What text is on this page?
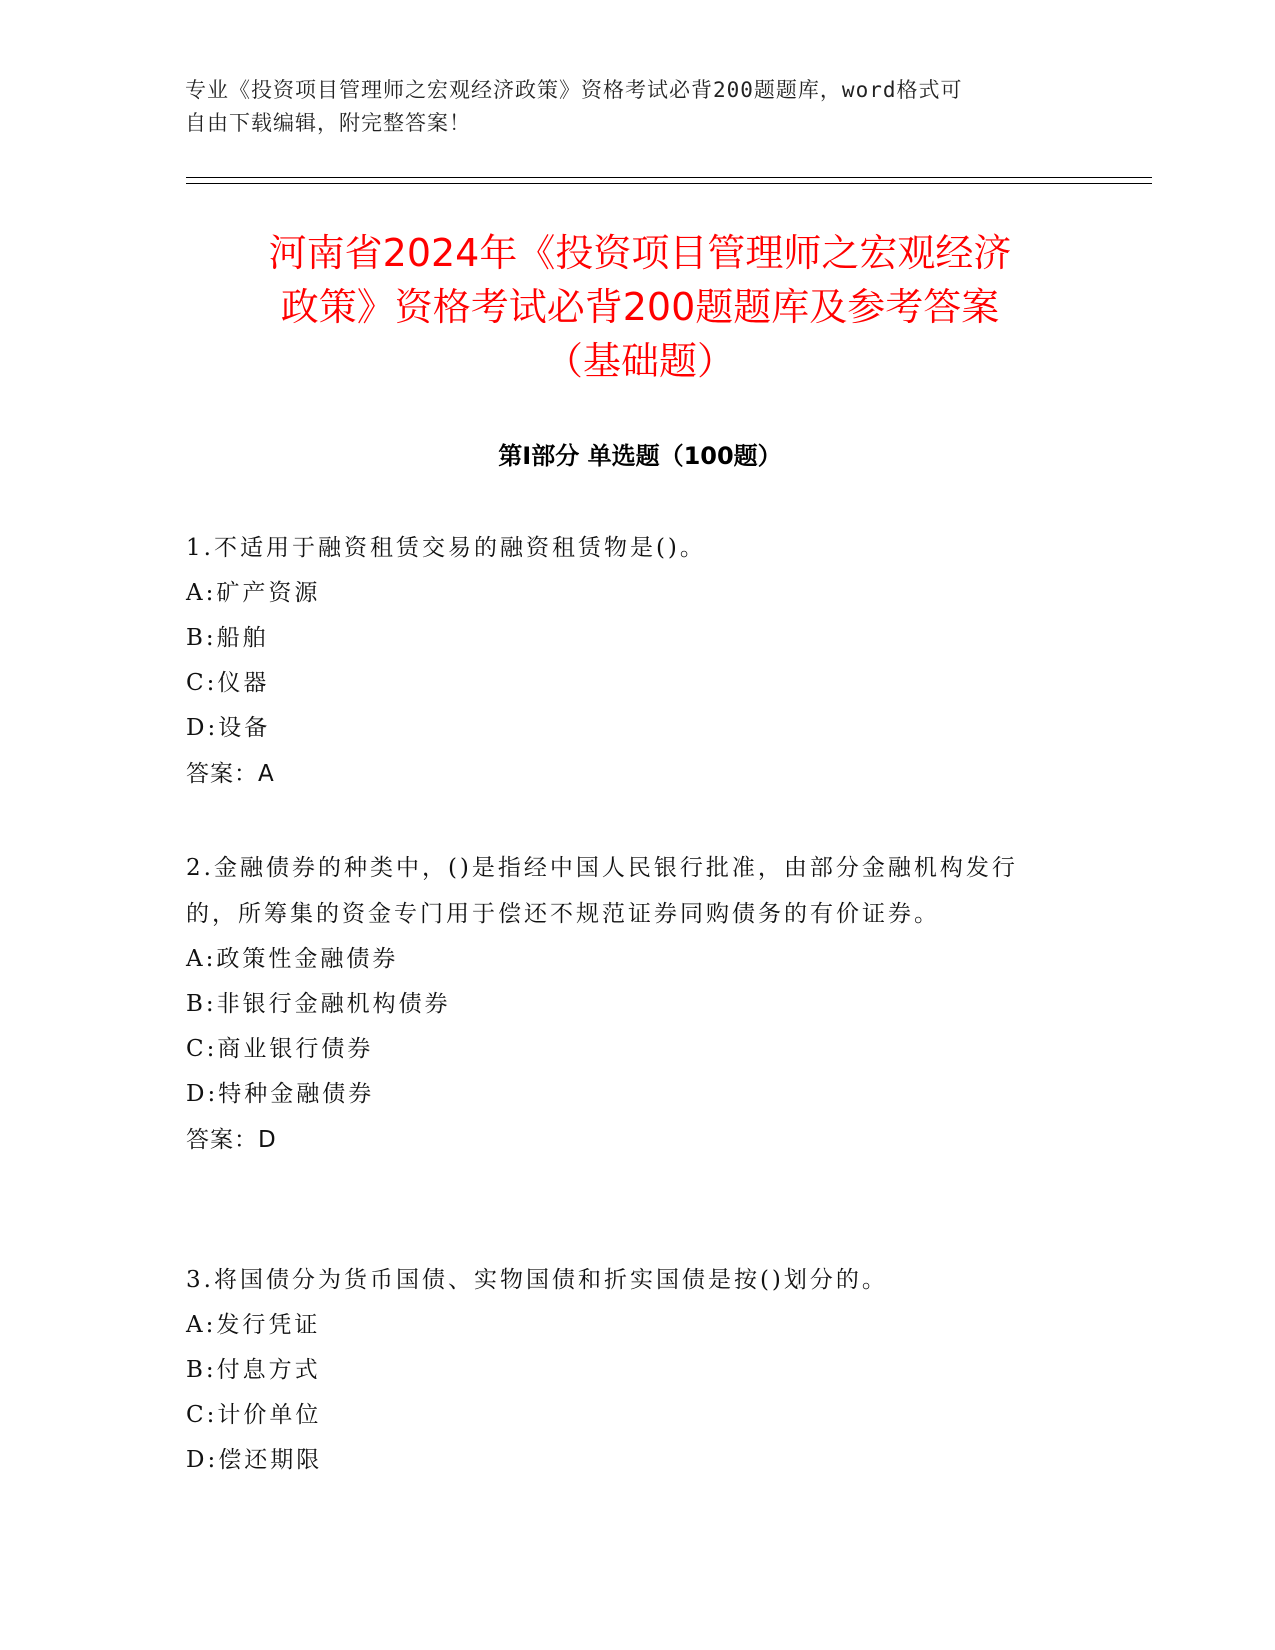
专业《投资项目管理师之宏观经济政策》资格考试必背200题题库，word格式可
自由下载编辑，附完整答案！
河南省2024年《投资项目管理师之宏观经济
政策》资格考试必背200题题库及参考答案
（基础题）
第Ⅰ部分 单选题（100题）
1.不适用于融资租赁交易的融资租赁物是()。
A:矿产资源
B:船舶
C:仪器
D:设备
答案：A
2.金融债券的种类中，()是指经中国人民银行批准，由部分金融机构发行的，所筹集的资金专门用于偿还不规范证券同购债务的有价证券。
A:政策性金融债券
B:非银行金融机构债券
C:商业银行债券
D:特种金融债券
答案：D
3.将国债分为货币国债、实物国债和折实国债是按()划分的。
A:发行凭证
B:付息方式
C:计价单位
D:偿还期限
